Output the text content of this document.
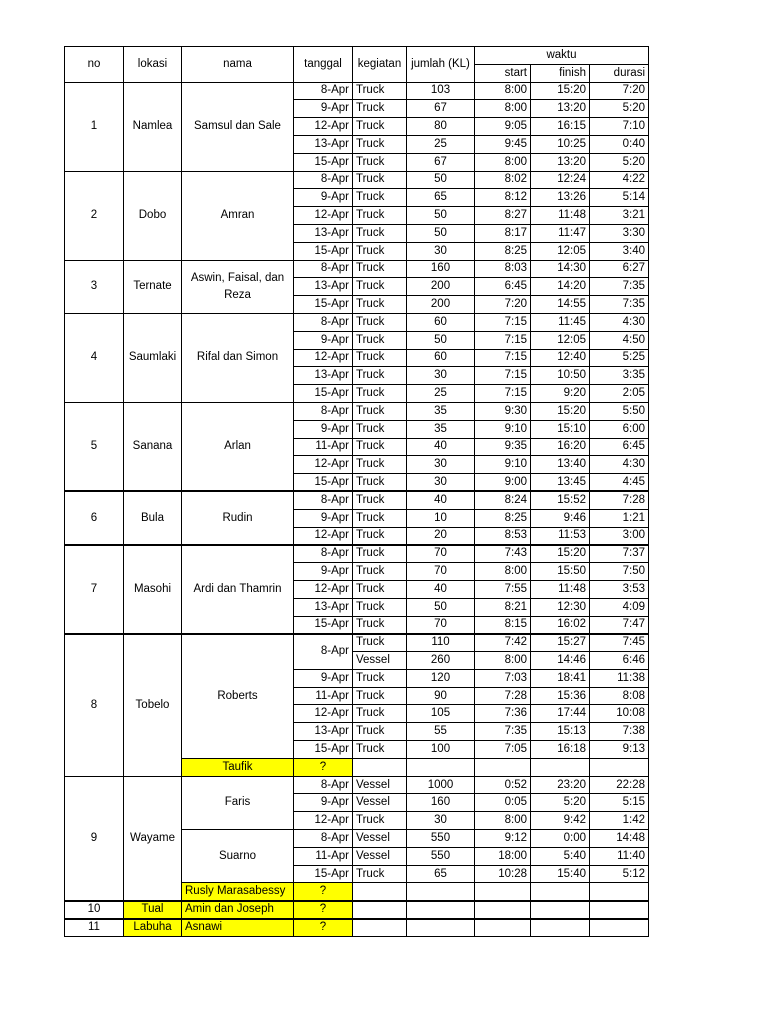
no	lokasi	nama	tanggal	kegiatan	jumlah (KL)	waktu		
						start	finish	durasi
1	Namlea	Samsul dan Sale	8-Apr	Truck	103	8:00	15:20	7:20
			9-Apr	Truck	67	8:00	13:20	5:20
			12-Apr	Truck	80	9:05	16:15	7:10
			13-Apr	Truck	25	9:45	10:25	0:40
			15-Apr	Truck	67	8:00	13:20	5:20
2	Dobo	Amran	8-Apr	Truck	50	8:02	12:24	4:22
			9-Apr	Truck	65	8:12	13:26	5:14
			12-Apr	Truck	50	8:27	11:48	3:21
			13-Apr	Truck	50	8:17	11:47	3:30
			15-Apr	Truck	30	8:25	12:05	3:40
3	Ternate	Aswin, Faisal, dan Reza	8-Apr	Truck	160	8:03	14:30	6:27
			13-Apr	Truck	200	6:45	14:20	7:35
			15-Apr	Truck	200	7:20	14:55	7:35
4	Saumlaki	Rifal dan Simon	8-Apr	Truck	60	7:15	11:45	4:30
			9-Apr	Truck	50	7:15	12:05	4:50
			12-Apr	Truck	60	7:15	12:40	5:25
			13-Apr	Truck	30	7:15	10:50	3:35
			15-Apr	Truck	25	7:15	9:20	2:05
5	Sanana	Arlan	8-Apr	Truck	35	9:30	15:20	5:50
			9-Apr	Truck	35	9:10	15:10	6:00
			11-Apr	Truck	40	9:35	16:20	6:45
			12-Apr	Truck	30	9:10	13:40	4:30
			15-Apr	Truck	30	9:00	13:45	4:45
6	Bula	Rudin	8-Apr	Truck	40	8:24	15:52	7:28
			9-Apr	Truck	10	8:25	9:46	1:21
			12-Apr	Truck	20	8:53	11:53	3:00
7	Masohi	Ardi dan Thamrin	8-Apr	Truck	70	7:43	15:20	7:37
			9-Apr	Truck	70	8:00	15:50	7:50
			12-Apr	Truck	40	7:55	11:48	3:53
			13-Apr	Truck	50	8:21	12:30	4:09
			15-Apr	Truck	70	8:15	16:02	7:47
8	Tobelo	Roberts	8-Apr	Truck	110	7:42	15:27	7:45
				Vessel	260	8:00	14:46	6:46
			9-Apr	Truck	120	7:03	18:41	11:38
			11-Apr	Truck	90	7:28	15:36	8:08
			12-Apr	Truck	105	7:36	17:44	10:08
			13-Apr	Truck	55	7:35	15:13	7:38
			15-Apr	Truck	100	7:05	16:18	9:13
		Taufik	?					
9	Wayame	Faris	8-Apr	Vessel	1000	0:52	23:20	22:28
			9-Apr	Vessel	160	0:05	5:20	5:15
			12-Apr	Truck	30	8:00	9:42	1:42
		Suarno	8-Apr	Vessel	550	9:12	0:00	14:48
			11-Apr	Vessel	550	18:00	5:40	11:40
			15-Apr	Truck	65	10:28	15:40	5:12
		Rusly Marasabessy	?					
10	Tual	Amin dan Joseph	?					
11	Labuha	Asnawi	?					
